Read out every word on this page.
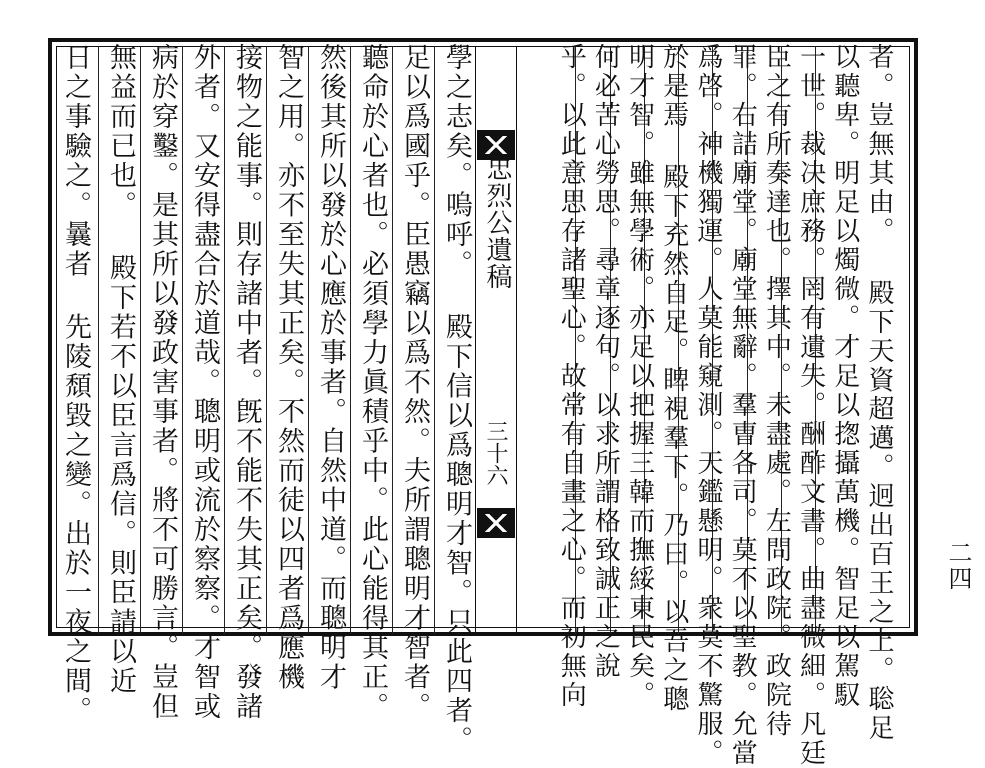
忠烈公遺稿
三十六	者。豈無其由。 殿下天資超邁。迥出百王之上。聡足
以聽卑。明足以燭微。才足以揔攝萬機。智足以駕馭
一世。裁决庶務。罔有遺失。酬酢文書。曲盡微細。凡廷
臣之有所奏達也。擇其中。未盡處。左問政院。政院待
罪。右詰廟堂。廟堂無辭。羣曺各司。莫不以聖教。允當
爲啓。神機獨運。人莫能窺測。天鑑懸明。衆莫不驚服。
於是焉 殿下充然自足。睥視羣下。乃曰。以吾之聰
明才智。雖無學術。亦足以把握三韓而撫綏東民矣。
何必苦心勞思。尋章逐句。以求所謂格致誠正之說
學之志矣。嗚呼。 殿下信以爲聰明才智。只此四者。
足以爲國乎。臣愚竊以爲不然。夫所謂聰明才智者。
聽命於心者也。必須學力眞積乎中。此心能得其正。
然後其所以發於心應於事者。自然中道。而聰明才
智之用。亦不至失其正矣。不然而徒以四者爲應機
接物之能事。則存諸中者。旣不能不失其正矣。發諸
外者。又安得盡合於道哉。聰明或流於察察。才智或
病於穿鑿。是其所以發政害事者。將不可勝言。豈但
無益而已也。 殿下若不以臣言爲信。則臣請以近
日之事驗之。曩者 先陵頹毀之變。出於一夜之間。	二四
乎。以此意思存諸聖心。故常有自畫之心。而初無向
